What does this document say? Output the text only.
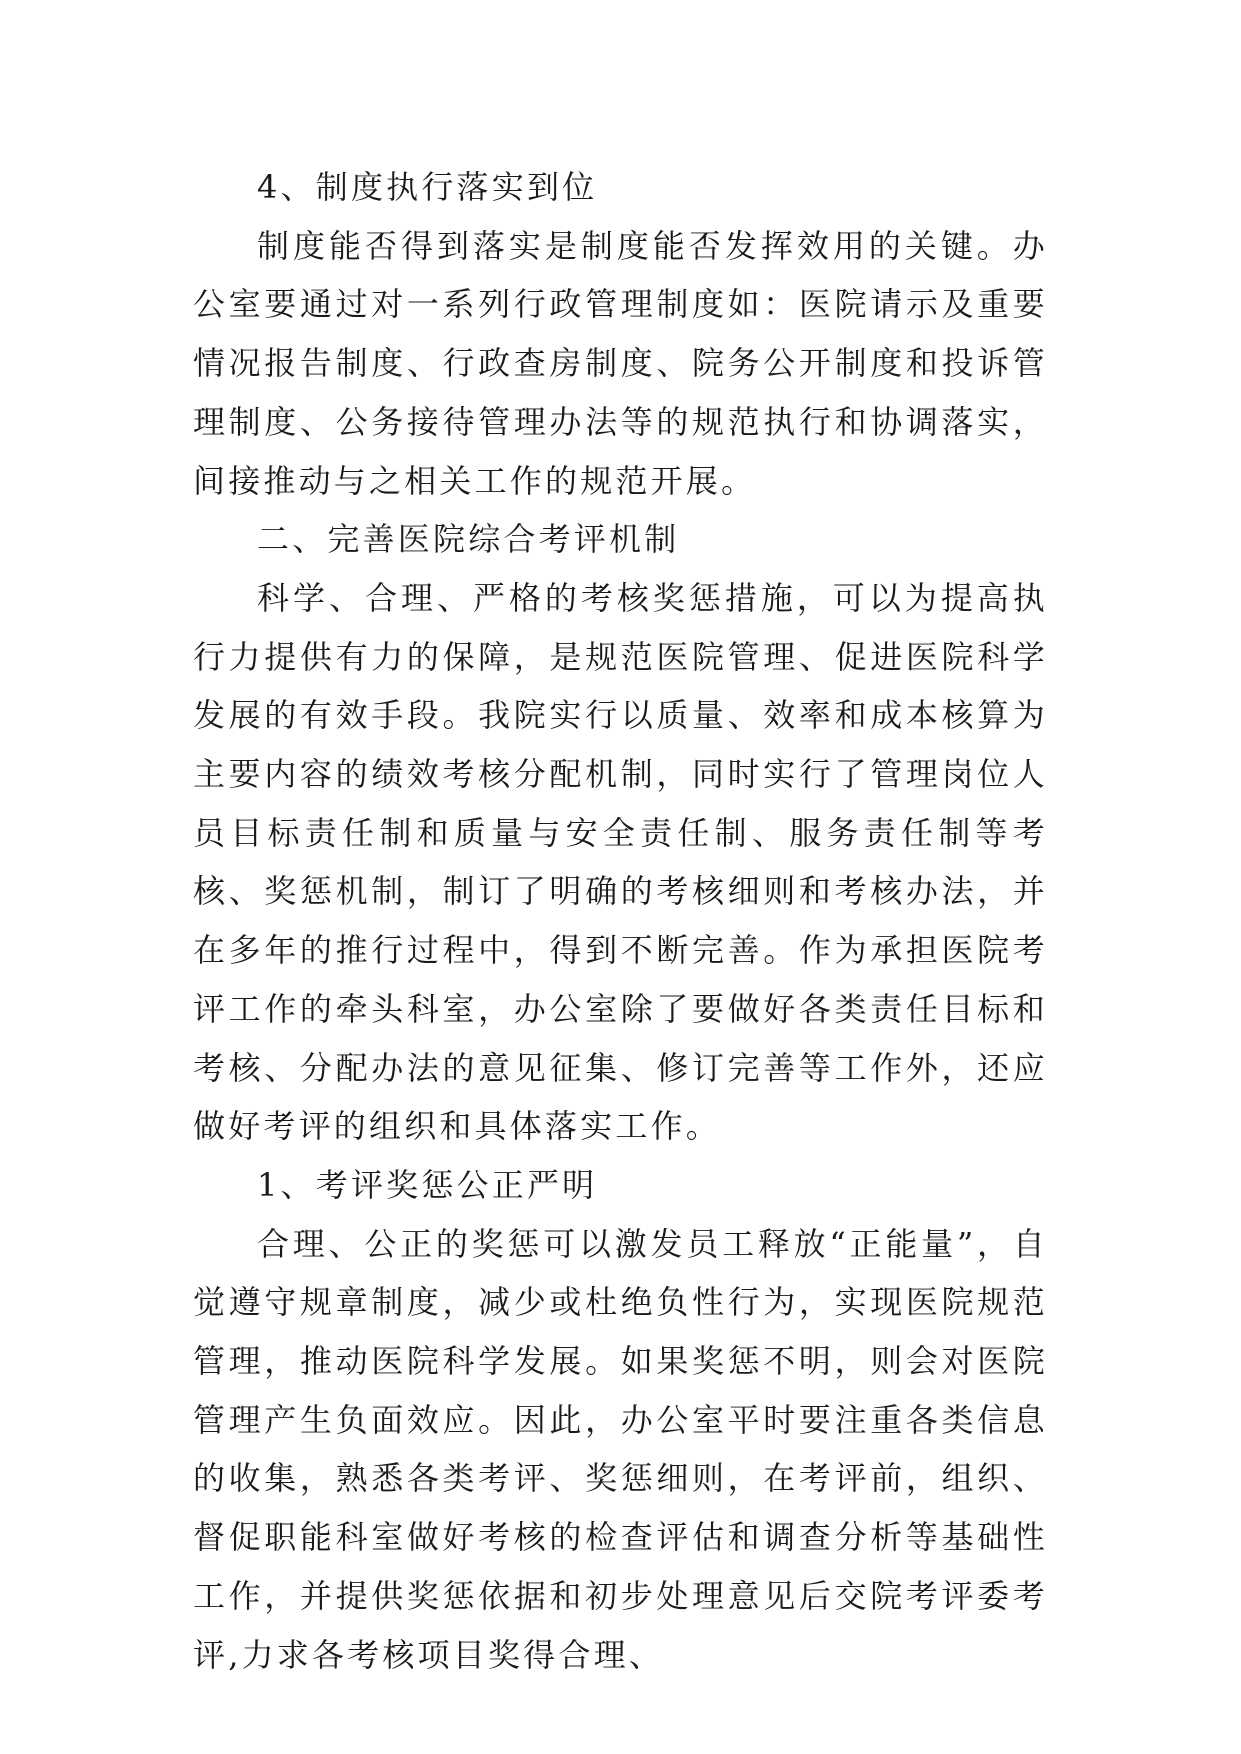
4、制度执行落实到位

制度能否得到落实是制度能否发挥效用的关键。办公室要通过对一系列行政管理制度如：医院请示及重要情况报告制度、行政查房制度、院务公开制度和投诉管理制度、公务接待管理办法等的规范执行和协调落实，间接推动与之相关工作的规范开展。

二、完善医院综合考评机制

科学、合理、严格的考核奖惩措施，可以为提高执行力提供有力的保障，是规范医院管理、促进医院科学发展的有效手段。我院实行以质量、效率和成本核算为主要内容的绩效考核分配机制，同时实行了管理岗位人员目标责任制和质量与安全责任制、服务责任制等考核、奖惩机制，制订了明确的考核细则和考核办法，并在多年的推行过程中，得到不断完善。作为承担医院考评工作的牵头科室，办公室除了要做好各类责任目标和考核、分配办法的意见征集、修订完善等工作外，还应做好考评的组织和具体落实工作。

1、考评奖惩公正严明

合理、公正的奖惩可以激发员工释放“正能量”，自觉遵守规章制度，减少或杜绝负性行为，实现医院规范管理，推动医院科学发展。如果奖惩不明，则会对医院管理产生负面效应。因此，办公室平时要注重各类信息的收集，熟悉各类考评、奖惩细则，在考评前，组织、督促职能科室做好考核的检查评估和调查分析等基础性工作，并提供奖惩依据和初步处理意见后交院考评委考评,力求各考核项目奖得合理、
